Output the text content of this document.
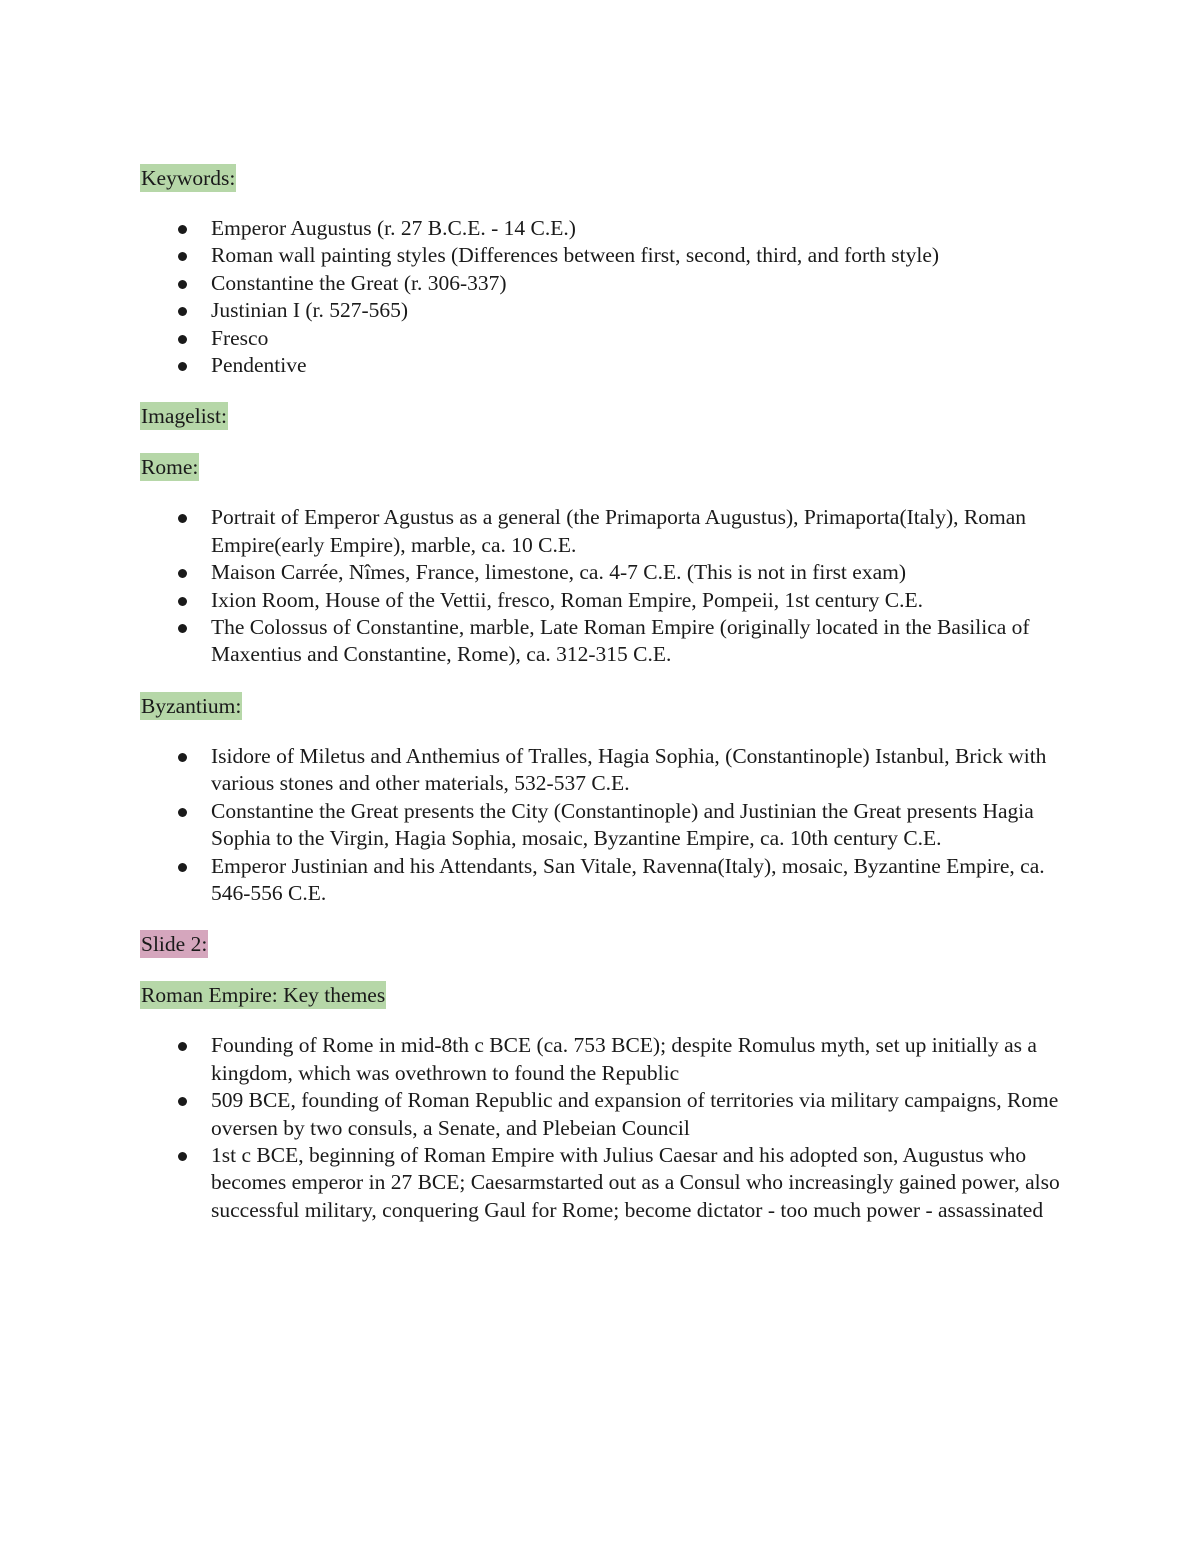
Keywords:
Emperor Augustus (r. 27 B.C.E. - 14 C.E.)
Roman wall painting styles (Differences between first, second, third, and forth style)
Constantine the Great (r. 306-337)
Justinian I (r. 527-565)
Fresco
Pendentive
Imagelist:
Rome:
Portrait of Emperor Agustus as a general (the Primaporta Augustus), Primaporta(Italy), Roman Empire(early Empire), marble, ca. 10 C.E.
Maison Carrée, Nîmes, France, limestone, ca. 4-7 C.E. (This is not in first exam)
Ixion Room, House of the Vettii, fresco, Roman Empire, Pompeii, 1st century C.E.
The Colossus of Constantine, marble, Late Roman Empire (originally located in the Basilica of Maxentius and Constantine, Rome), ca. 312-315 C.E.
Byzantium:
Isidore of Miletus and Anthemius of Tralles, Hagia Sophia, (Constantinople) Istanbul, Brick with various stones and other materials, 532-537 C.E.
Constantine the Great presents the City (Constantinople) and Justinian the Great presents Hagia Sophia to the Virgin, Hagia Sophia, mosaic, Byzantine Empire, ca. 10th century C.E.
Emperor Justinian and his Attendants, San Vitale, Ravenna(Italy), mosaic, Byzantine Empire, ca. 546-556 C.E.
Slide 2:
Roman Empire: Key themes
Founding of Rome in mid-8th c BCE (ca. 753 BCE); despite Romulus myth, set up initially as a kingdom, which was ovethrown to found the Republic
509 BCE, founding of Roman Republic and expansion of territories via military campaigns, Rome oversen by two consuls, a Senate, and Plebeian Council
1st c BCE, beginning of Roman Empire with Julius Caesar and his adopted son, Augustus who becomes emperor in 27 BCE; Caesarmstarted out as a Consul who increasingly gained power, also successful military, conquering Gaul for Rome; become dictator - too much power - assassinated
